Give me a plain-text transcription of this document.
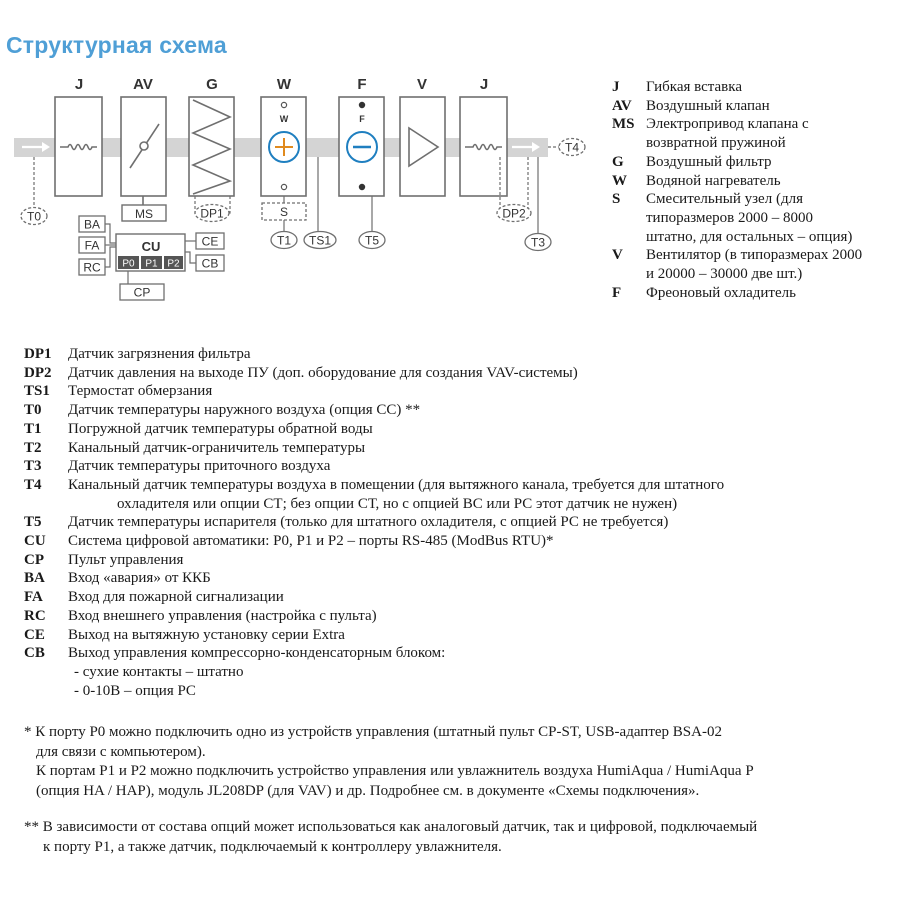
Структурная схема
J	AV	G	W	F	V	J
W	F
MS	S
DP1	DP2
T0
T4
T1 TS1	T5	T3
CU
P0 P1 P2
BA
FA
RC
CE
CB
CP
J	Гибкая вставка
AV Воздушный клапан
MS Электропривод клапана с
возвратной пружиной
G	Воздушный фильтр
W	Водяной нагреватель
S	Смесительный узел (для
типоразмеров 2000 – 8000
штатно, для остальных – опция)
V	Вентилятор (в типоразмерах 2000
и 20000 – 30000 две шт.)
F	Фреоновый охладитель
DP1	Датчик загрязнения фильтра
DP2	Датчик давления на выходе ПУ (доп. оборудование для создания VAV-системы)
TS1	Термостат обмерзания
T0	Датчик температуры наружного воздуха (опция СС) **
T1	Погружной датчик температуры обратной воды
T2	Канальный датчик-ограничитель температуры
T3	Датчик температуры приточного воздуха
T4	Канальный датчик температуры воздуха в помещении (для вытяжного канала, требуется для штатного
охладителя или опции СТ; без опции СТ, но с опцией ВС или РС этот датчик не нужен)
T5	Датчик температуры испарителя (только для штатного охладителя, с опцией РС не требуется)
CU	Система цифровой автоматики: P0, P1 и P2 – порты RS-485 (ModBus RTU)*
CP	Пульт управления
BA	Вход «авария» от ККБ
FA	Вход для пожарной сигнализации
RC	Вход внешнего управления (настройка с пульта)
CE	Выход на вытяжную установку серии Extra
CB	Выход управления компрессорно-конденсаторным блоком:
- сухие контакты – штатно
- 0-10В – опция PC

* К порту P0 можно подключить одно из устройств управления (штатный пульт CP-ST, USB-адаптер BSA-02

для связи с компьютером).

К портам P1 и P2 можно подключить устройство управления или увлажнитель воздуха HumiAqua / HumiAqua P

(опция HA / HAP), модуль JL208DP (для VAV) и др. Подробнее см. в документе «Схемы подключения».

** В зависимости от состава опций может использоваться как аналоговый датчик, так и цифровой, подключаемый

к порту P1, а также датчик, подключаемый к контроллеру увлажнителя.
